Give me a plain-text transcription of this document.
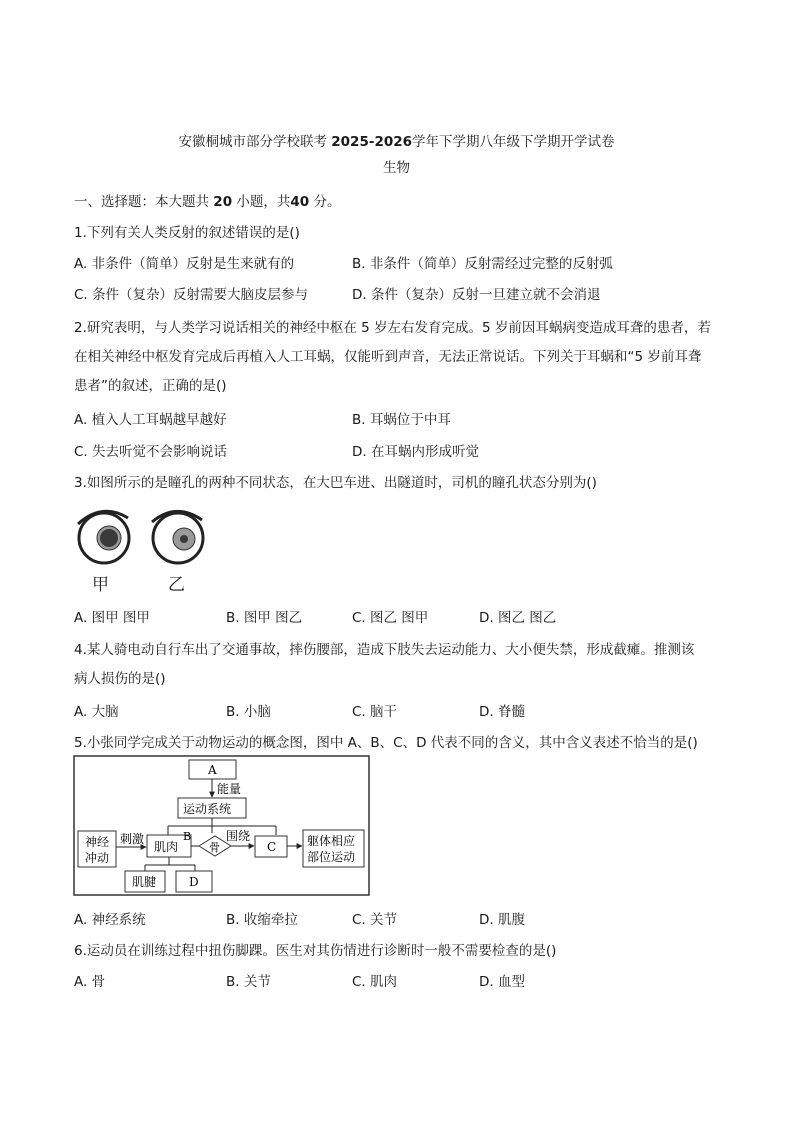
安徽桐城市部分学校联考 2025-2026学年下学期八年级下学期开学试卷
生物
一、选择题：本大题共 20 小题，共40 分。
1.下列有关人类反射的叙述错误的是()
A. 非条件（简单）反射是生来就有的	B. 非条件（简单）反射需经过完整的反射弧
C. 条件（复杂）反射需要大脑皮层参与	D. 条件（复杂）反射一旦建立就不会消退
2.研究表明，与人类学习说话相关的神经中枢在 5 岁左右发育完成。5 岁前因耳蜗病变造成耳聋的患者，若
在相关神经中枢发育完成后再植入人工耳蜗，仅能听到声音，无法正常说话。下列关于耳蜗和“5 岁前耳聋
患者”的叙述，正确的是()
A. 植入人工耳蜗越早越好	B. 耳蜗位于中耳
C. 失去听觉不会影响说话	D. 在耳蜗内形成听觉
3.如图所示的是瞳孔的两种不同状态，在大巴车进、出隧道时，司机的瞳孔状态分别为()
甲	乙
A. 图甲 图甲	B. 图甲 图乙	C. 图乙 图甲	D. 图乙 图乙
4.某人骑电动自行车出了交通事故，摔伤腰部，造成下肢失去运动能力、大小便失禁，形成截瘫。推测该
病人损伤的是()
A. 大脑	B. 小脑	C. 脑干	D. 脊髓
5.小张同学完成关于动物运动的概念图，图中 A、B、C、D 代表不同的含义，其中含义表述不恰当的是()
A
能量
运动系统
神经
冲动
刺激
肌肉
B
骨
围绕
C	躯体相应
部位运动
肌腱	D
A. 神经系统	B. 收缩牵拉	C. 关节	D. 肌腹
6.运动员在训练过程中扭伤脚踝。医生对其伤情进行诊断时一般不需要检查的是()
A. 骨	B. 关节	C. 肌肉	D. 血型
